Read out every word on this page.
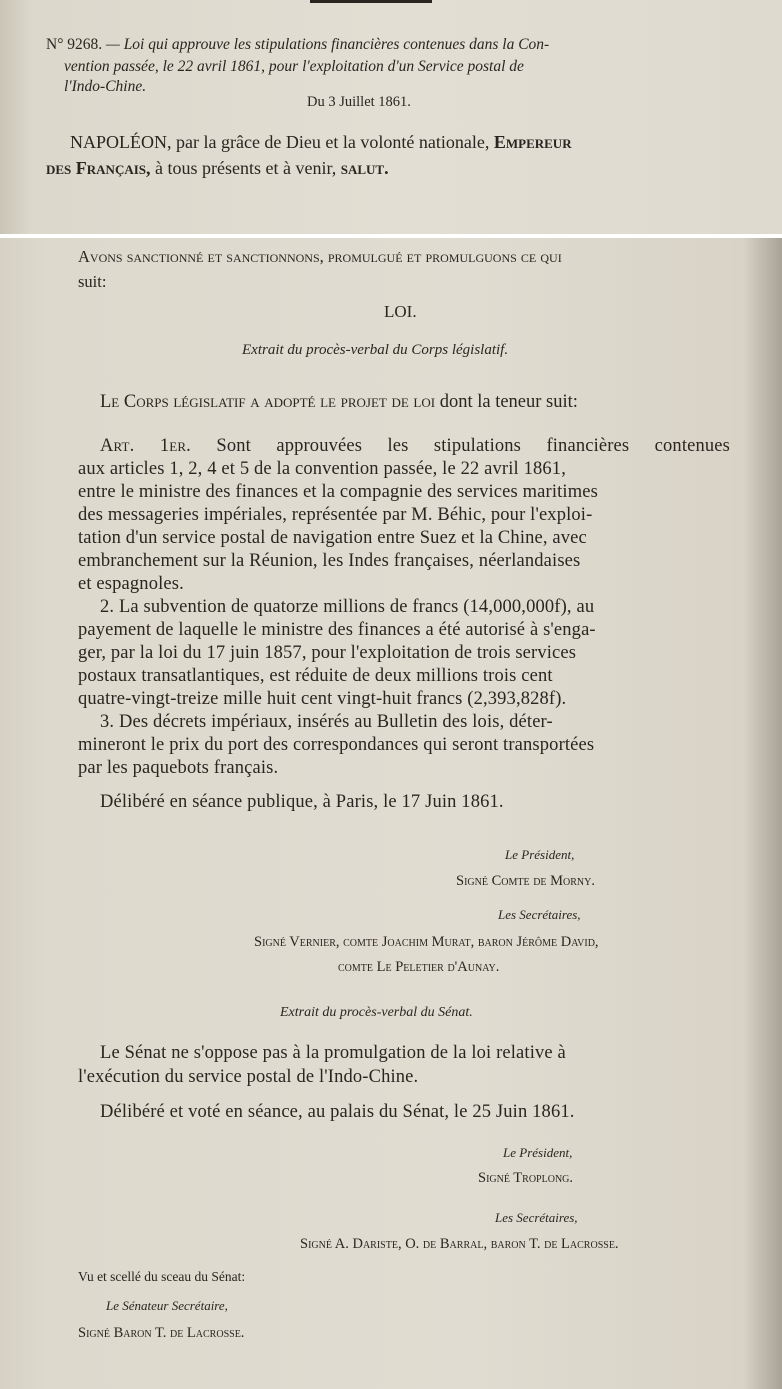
N° 9268. — Loi qui approuve les stipulations financières contenues dans la Con-
vention passée, le 22 avril 1861, pour l'exploitation d'un Service postal de
l'Indo-Chine.
Du 3 Juillet 1861.
NAPOLÉON, par la grâce de Dieu et la volonté nationale, Empereur
des Français, à tous présents et à venir, salut.
Avons sanctionné et sanctionnons, promulgué et promulguons ce qui
suit:
LOI.
Extrait du procès-verbal du Corps législatif.
Le Corps législatif a adopté le projet de loi dont la teneur suit:
Art. 1er. Sont approuvées les stipulations financières contenues
aux articles 1, 2, 4 et 5 de la convention passée, le 22 avril 1861,
entre le ministre des finances et la compagnie des services maritimes
des messageries impériales, représentée par M. Béhic, pour l'exploi-
tation d'un service postal de navigation entre Suez et la Chine, avec
embranchement sur la Réunion, les Indes françaises, néerlandaises
et espagnoles.
2. La subvention de quatorze millions de francs (14,000,000f), au
payement de laquelle le ministre des finances a été autorisé à s'enga-
ger, par la loi du 17 juin 1857, pour l'exploitation de trois services
postaux transatlantiques, est réduite de deux millions trois cent
quatre-vingt-treize mille huit cent vingt-huit francs (2,393,828f).
3. Des décrets impériaux, insérés au Bulletin des lois, déter-
mineront le prix du port des correspondances qui seront transportées
par les paquebots français.
Délibéré en séance publique, à Paris, le 17 Juin 1861.
Le Président,
Signé Comte de Morny.
Les Secrétaires,
Signé Vernier, comte Joachim Murat, baron Jérôme David,
comte Le Peletier d'Aunay.
Extrait du procès-verbal du Sénat.
Le Sénat ne s'oppose pas à la promulgation de la loi relative à
l'exécution du service postal de l'Indo-Chine.
Délibéré et voté en séance, au palais du Sénat, le 25 Juin 1861.
Le Président,
Signé Troplong.
Les Secrétaires,
Signé A. Dariste, O. de Barral, baron T. de Lacrosse.
Vu et scellé du sceau du Sénat:
Le Sénateur Secrétaire,
Signé Baron T. de Lacrosse.
